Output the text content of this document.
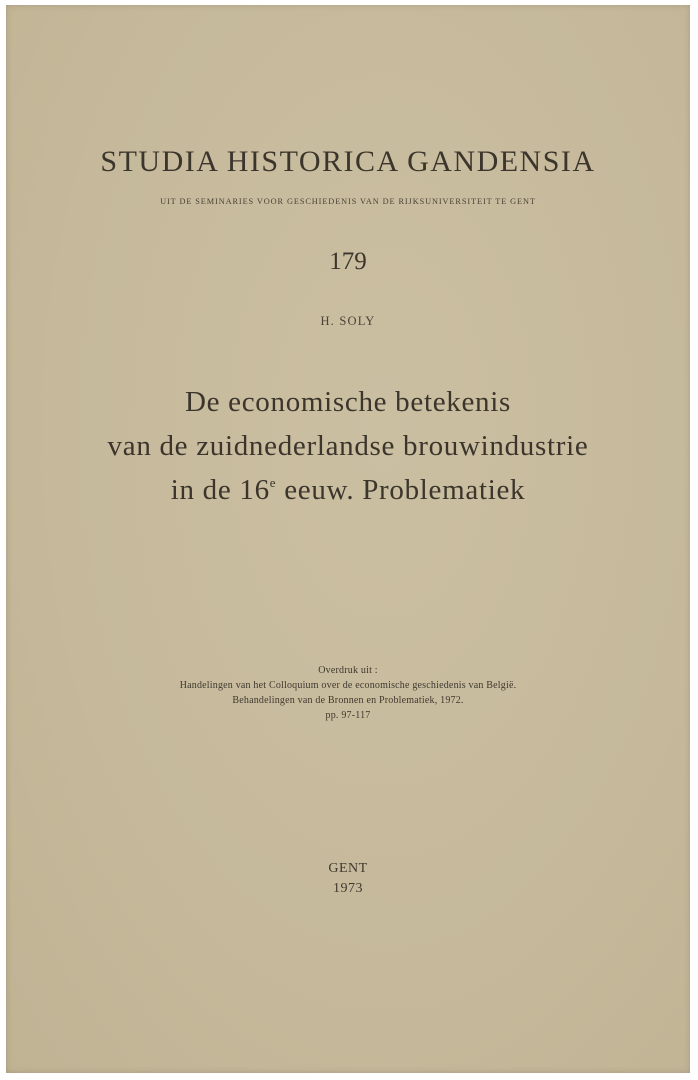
STUDIA HISTORICA GANDENSIA
UIT DE SEMINARIES VOOR GESCHIEDENIS VAN DE RIJKSUNIVERSITEIT TE GENT
179
H. SOLY
De economische betekenis
van de zuidnederlandse brouwindustrie
in de 16e eeuw. Problematiek
Overdruk uit :
Handelingen van het Colloquium over de economische geschiedenis van België.
Behandelingen van de Bronnen en Problematiek, 1972.
pp. 97-117
GENT
1973
